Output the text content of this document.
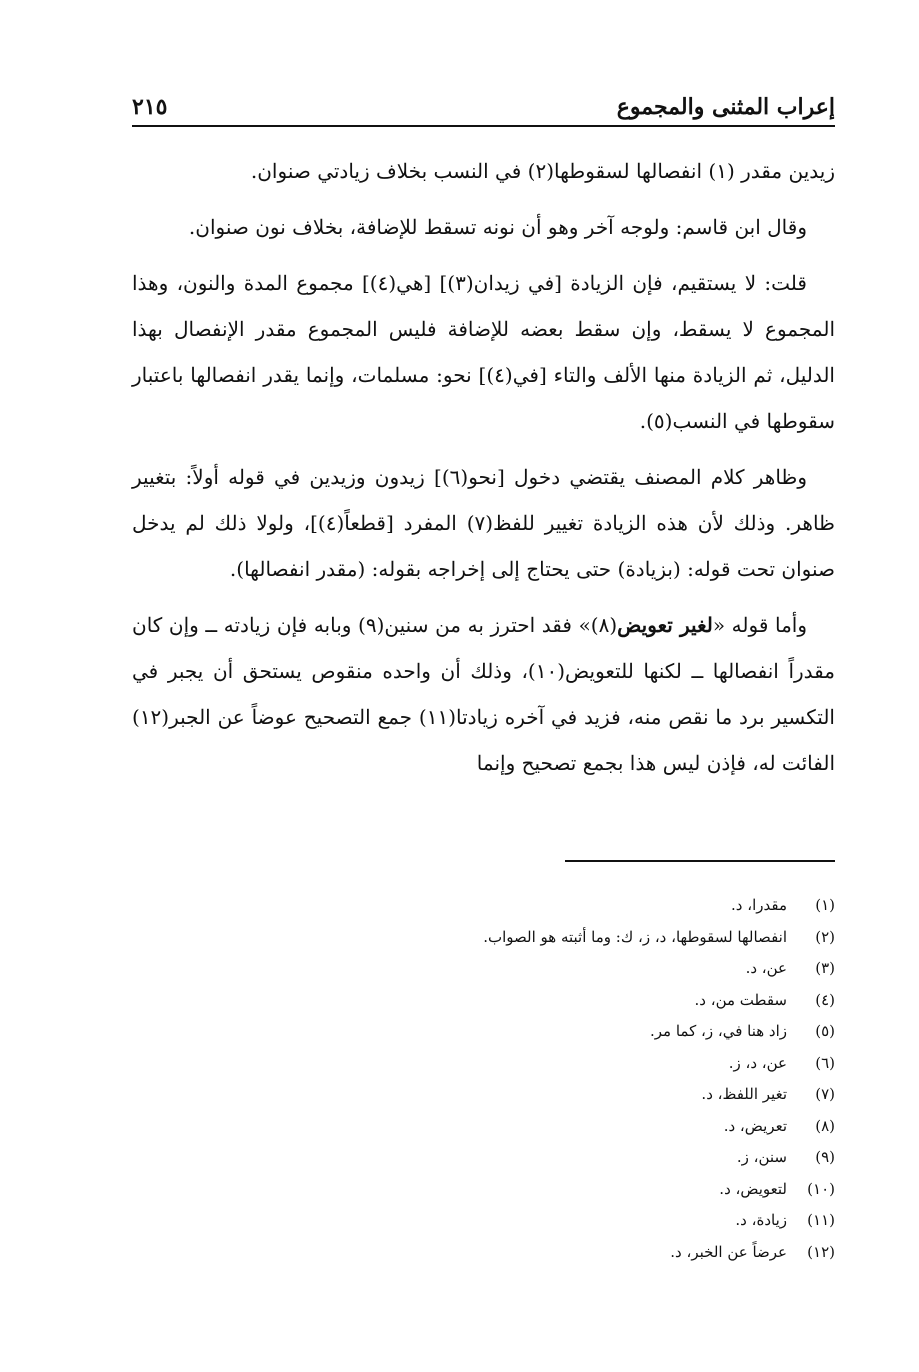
إعراب المثنى والمجموع
٢١٥

زيدين مقدر (١) انفصالها لسقوطها(٢) في النسب بخلاف زيادتي صنوان.

وقال ابن قاسم: ولوجه آخر وهو أن نونه تسقط للإضافة، بخلاف نون صنوان.

قلت: لا يستقيم، فإن الزيادة [في زيدان(٣)] [هي(٤)] مجموع المدة والنون، وهذا المجموع لا يسقط، وإن سقط بعضه للإضافة فليس المجموع مقدر الإنفصال بهذا الدليل، ثم الزيادة منها الألف والتاء [في(٤)] نحو: مسلمات، وإنما يقدر انفصالها باعتبار سقوطها في النسب(٥).

وظاهر كلام المصنف يقتضي دخول [نحو(٦)] زيدون وزيدين في قوله أولاً: بتغيير ظاهر. وذلك لأن هذه الزيادة تغيير للفظ(٧) المفرد [قطعاً(٤)]، ولولا ذلك لم يدخل صنوان تحت قوله: (بزيادة) حتى يحتاج إلى إخراجه بقوله: (مقدر انفصالها).

وأما قوله «لغير تعويض(٨)» فقد احترز به من سنين(٩) وبابه فإن زيادته ــ وإن كان مقدراً انفصالها ــ لكنها للتعويض(١٠)، وذلك أن واحده منقوص يستحق أن يجبر في التكسير برد ما نقص منه، فزيد في آخره زيادتا(١١) جمع التصحيح عوضاً عن الجبر(١٢) الفائت له، فإذن ليس هذا بجمع تصحيح وإنما

(١)
مقدرا، د.
(٢)
انفصالها لسقوطها، د، ز، ك: وما أثبته هو الصواب.
(٣)
عن، د.
(٤)
سقطت من، د.
(٥)
زاد هنا في، ز، كما مر.
(٦)
عن، د، ز.
(٧)
تغير اللفظ، د.
(٨)
تعريض، د.
(٩)
سنن، ز.
(١٠)
لتعويض، د.
(١١)
زيادة، د.
(١٢)
عرضاً عن الخبر، د.
